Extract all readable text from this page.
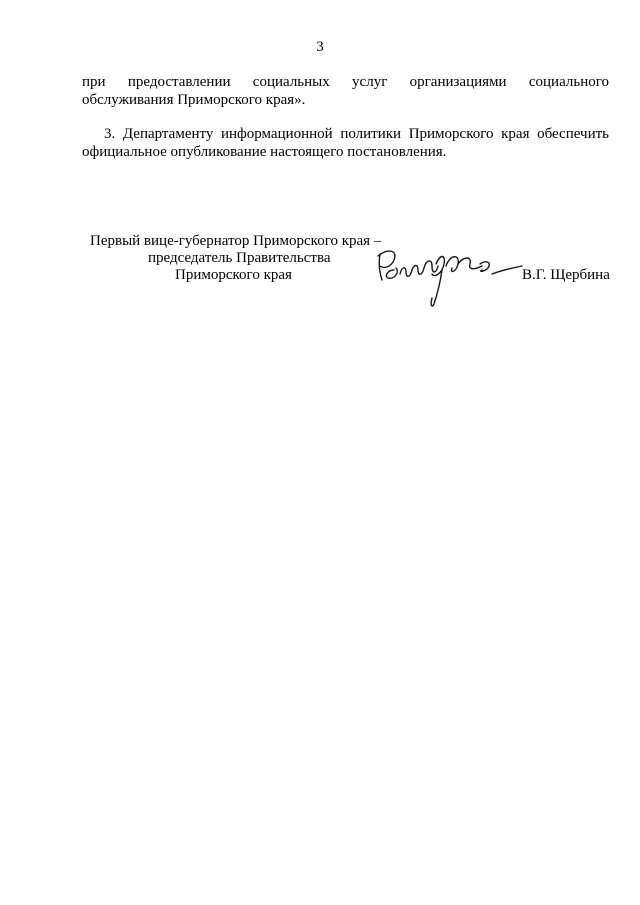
3
при предоставлении социальных услуг организациями социального
обслуживания Приморского края».
3. Департаменту информационной политики Приморского края обеспечить
официальное опубликование настоящего постановления.
Первый вице-губернатор Приморского края –
председатель Правительства
Приморского края	В.Г. Щербина
